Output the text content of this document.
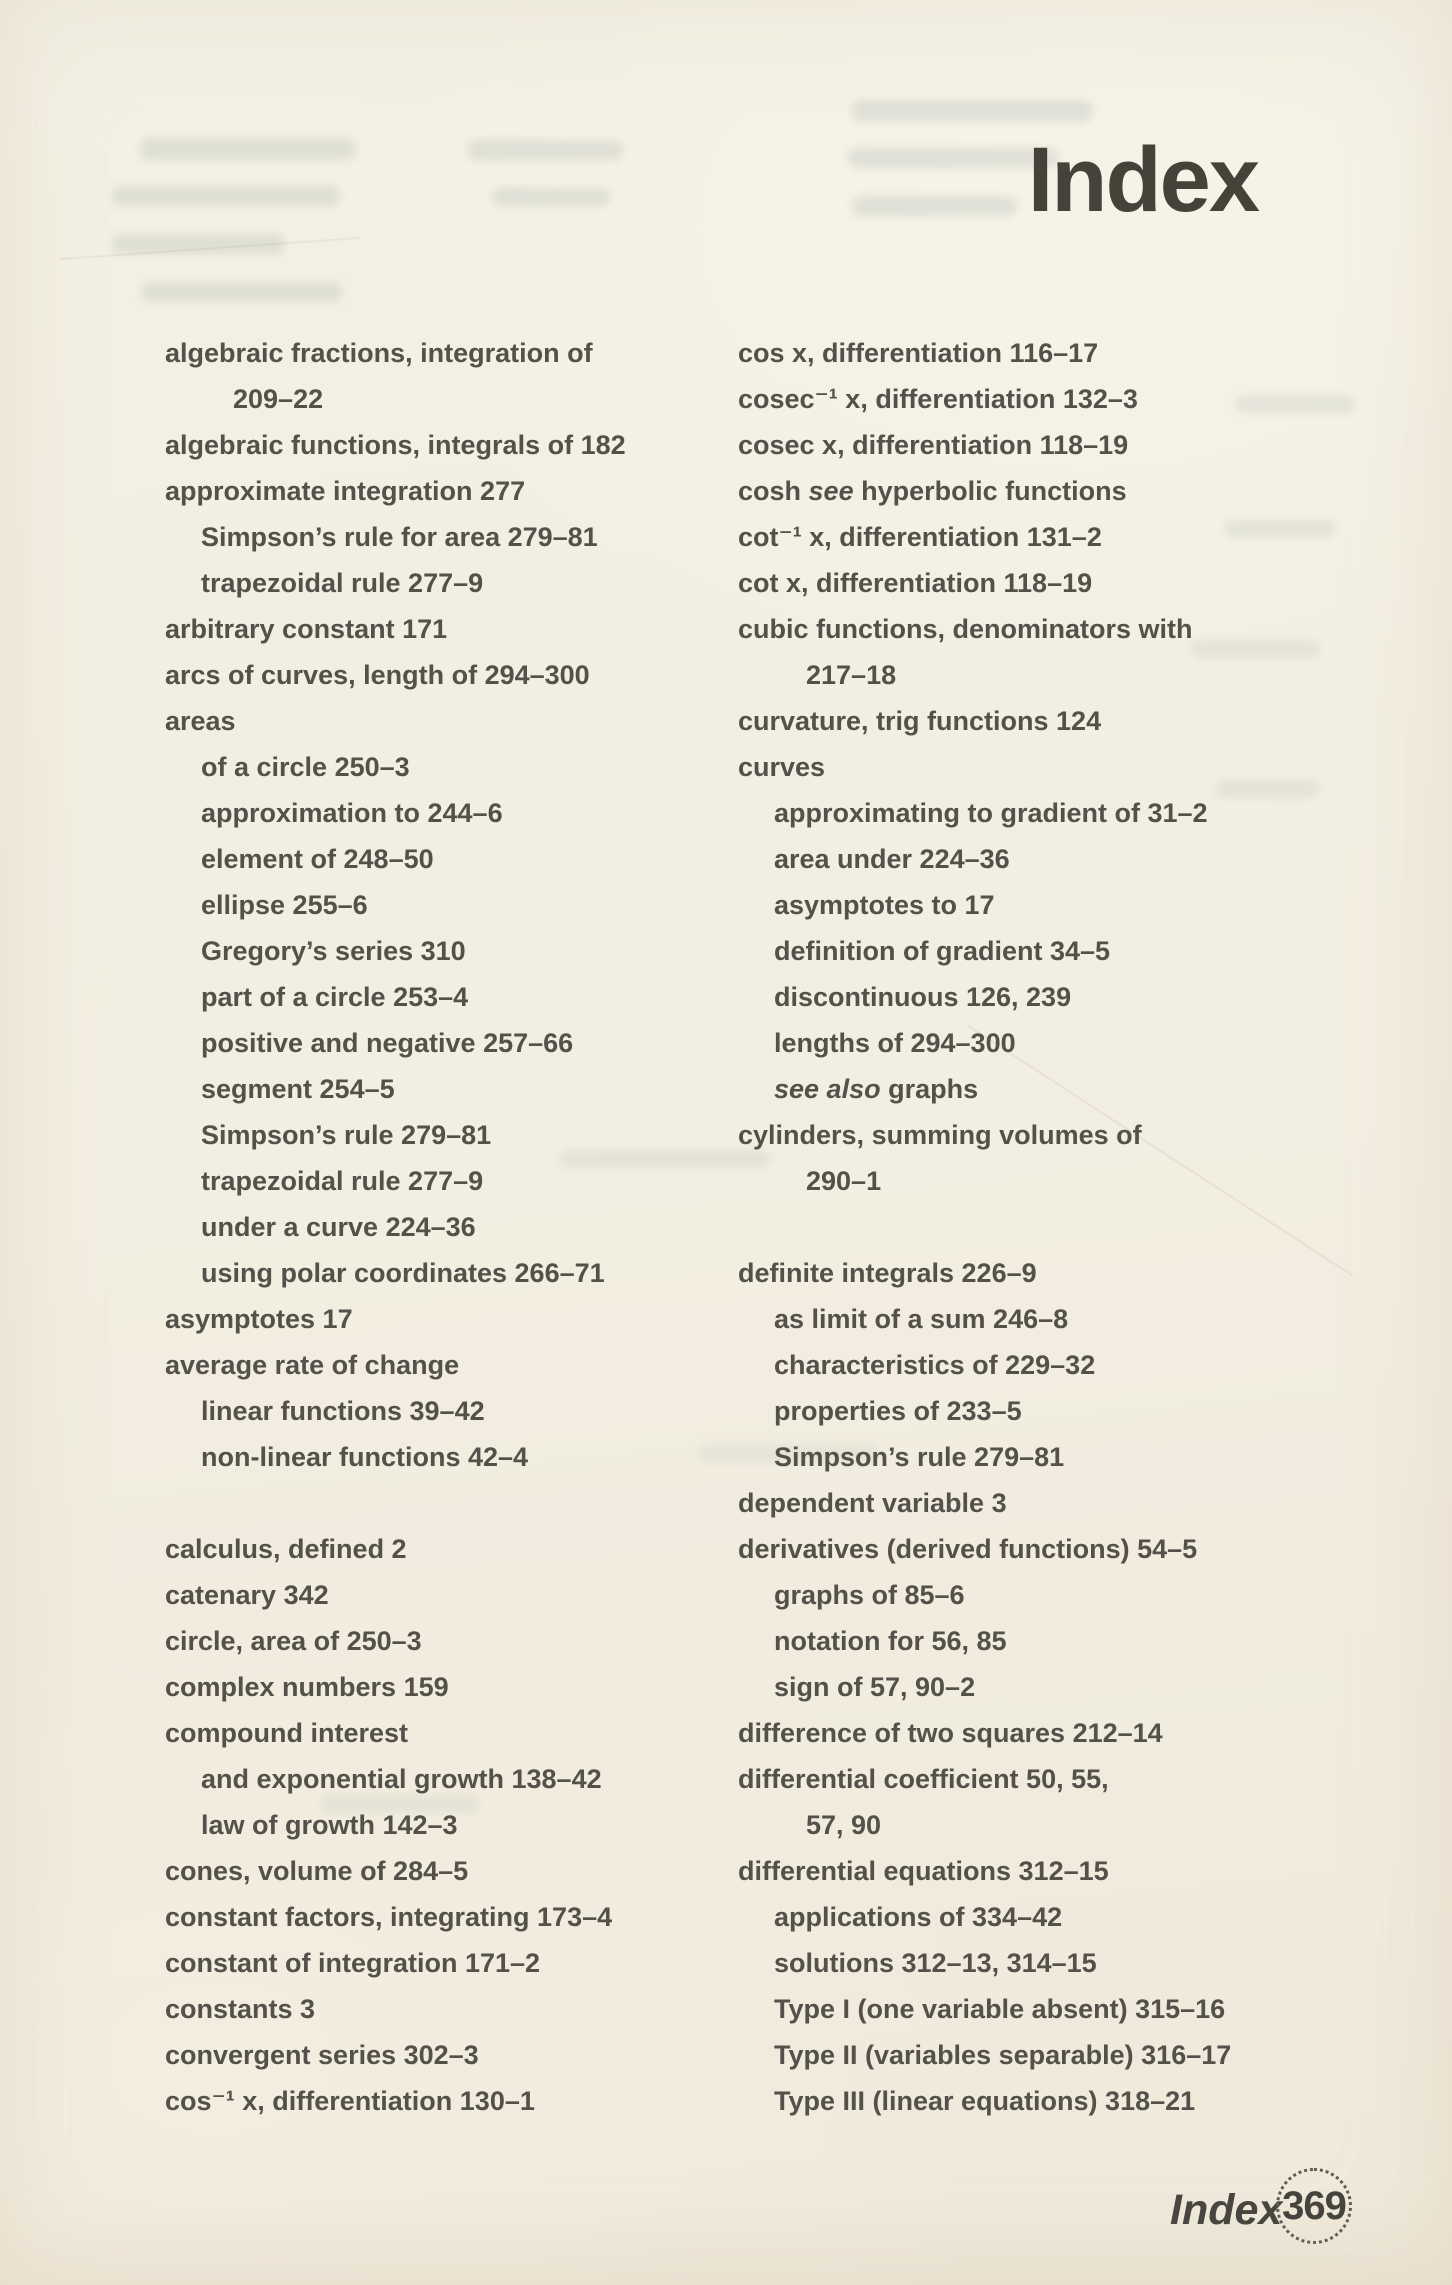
Index
algebraic fractions, integration of
209–22
algebraic functions, integrals of 182
approximate integration 277
Simpson’s rule for area 279–81
trapezoidal rule 277–9
arbitrary constant 171
arcs of curves, length of 294–300
areas
of a circle 250–3
approximation to 244–6
element of 248–50
ellipse 255–6
Gregory’s series 310
part of a circle 253–4
positive and negative 257–66
segment 254–5
Simpson’s rule 279–81
trapezoidal rule 277–9
under a curve 224–36
using polar coordinates 266–71
asymptotes 17
average rate of change
linear functions 39–42
non-linear functions 42–4
calculus, defined 2
catenary 342
circle, area of 250–3
complex numbers 159
compound interest
and exponential growth 138–42
law of growth 142–3
cones, volume of 284–5
constant factors, integrating 173–4
constant of integration 171–2
constants 3
convergent series 302–3
cos⁻¹ x, differentiation 130–1
cos x, differentiation 116–17
cosec⁻¹ x, differentiation 132–3
cosec x, differentiation 118–19
cosh see hyperbolic functions
cot⁻¹ x, differentiation 131–2
cot x, differentiation 118–19
cubic functions, denominators with
217–18
curvature, trig functions 124
curves
approximating to gradient of 31–2
area under 224–36
asymptotes to 17
definition of gradient 34–5
discontinuous 126, 239
lengths of 294–300
see also graphs
cylinders, summing volumes of
290–1
definite integrals 226–9
as limit of a sum 246–8
characteristics of 229–32
properties of 233–5
Simpson’s rule 279–81
dependent variable 3
derivatives (derived functions) 54–5
graphs of 85–6
notation for 56, 85
sign of 57, 90–2
difference of two squares 212–14
differential coefficient 50, 55,
57, 90
differential equations 312–15
applications of 334–42
solutions 312–13, 314–15
Type I (one variable absent) 315–16
Type II (variables separable) 316–17
Type III (linear equations) 318–21
Index 369
